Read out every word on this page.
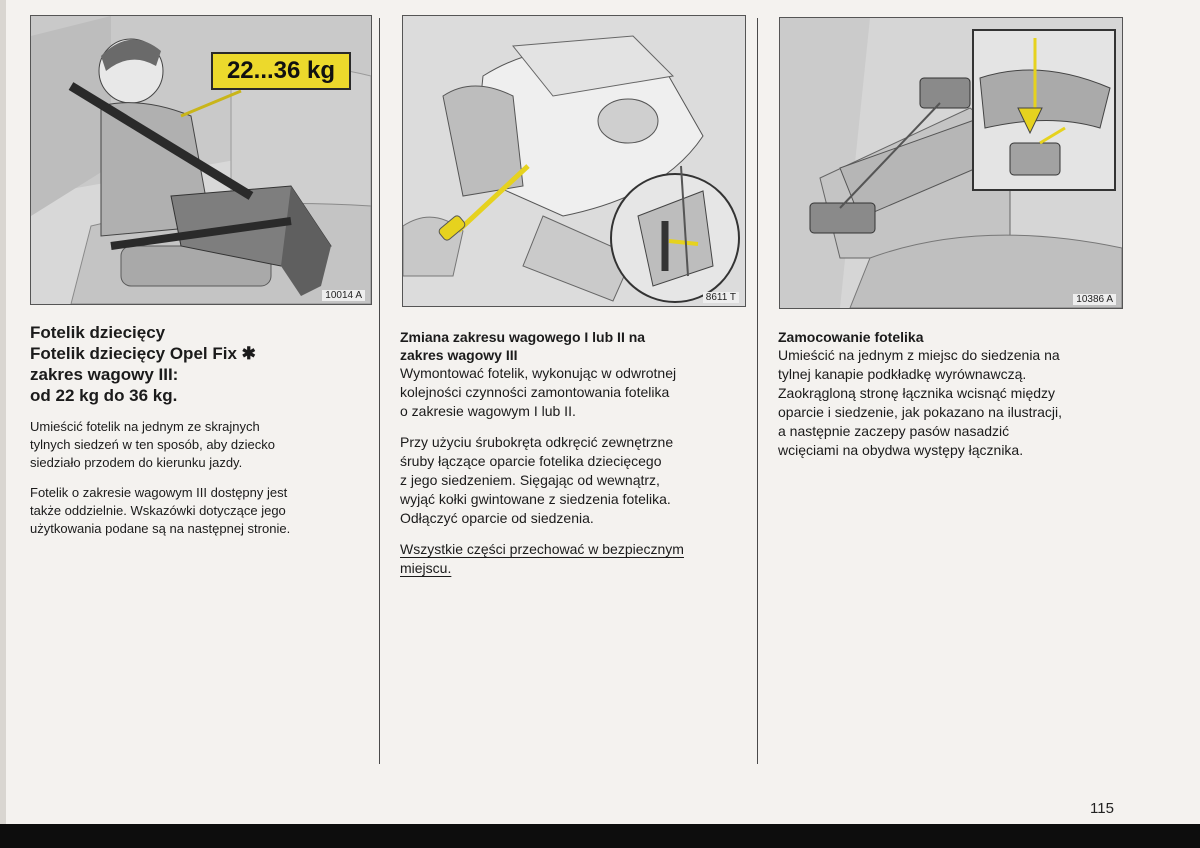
22...36 kg
10014 A	8611 T	10386 A

Fotelik dziecięcy

Fotelik dziecięcy Opel Fix ✱

zakres wagowy III:

od 22 kg do 36 kg.

Umieścić fotelik na jednym ze skrajnych

tylnych siedzeń w ten sposób, aby dziecko

siedziało przodem do kierunku jazdy.

Fotelik o zakresie wagowym III dostępny jest

także oddzielnie. Wskazówki dotyczące jego

użytkowania podane są na następnej stronie.

Zmiana zakresu wagowego I lub II na

zakres wagowy III

Wymontować fotelik, wykonując w odwrotnej

kolejności czynności zamontowania fotelika

o zakresie wagowym I lub II.

Przy użyciu śrubokręta odkręcić zewnętrzne

śruby łączące oparcie fotelika dziecięcego

z jego siedzeniem. Sięgając od wewnątrz,

wyjąć kołki gwintowane z siedzenia fotelika.

Odłączyć oparcie od siedzenia.

Wszystkie części przechować w bezpiecznym

miejscu.

Zamocowanie fotelika

Umieścić na jednym z miejsc do siedzenia na

tylnej kanapie podkładkę wyrównawczą.

Zaokrągloną stronę łącznika wcisnąć między

oparcie i siedzenie, jak pokazano na ilustracji,

a następnie zaczepy pasów nasadzić

wcięciami na obydwa występy łącznika.

115
